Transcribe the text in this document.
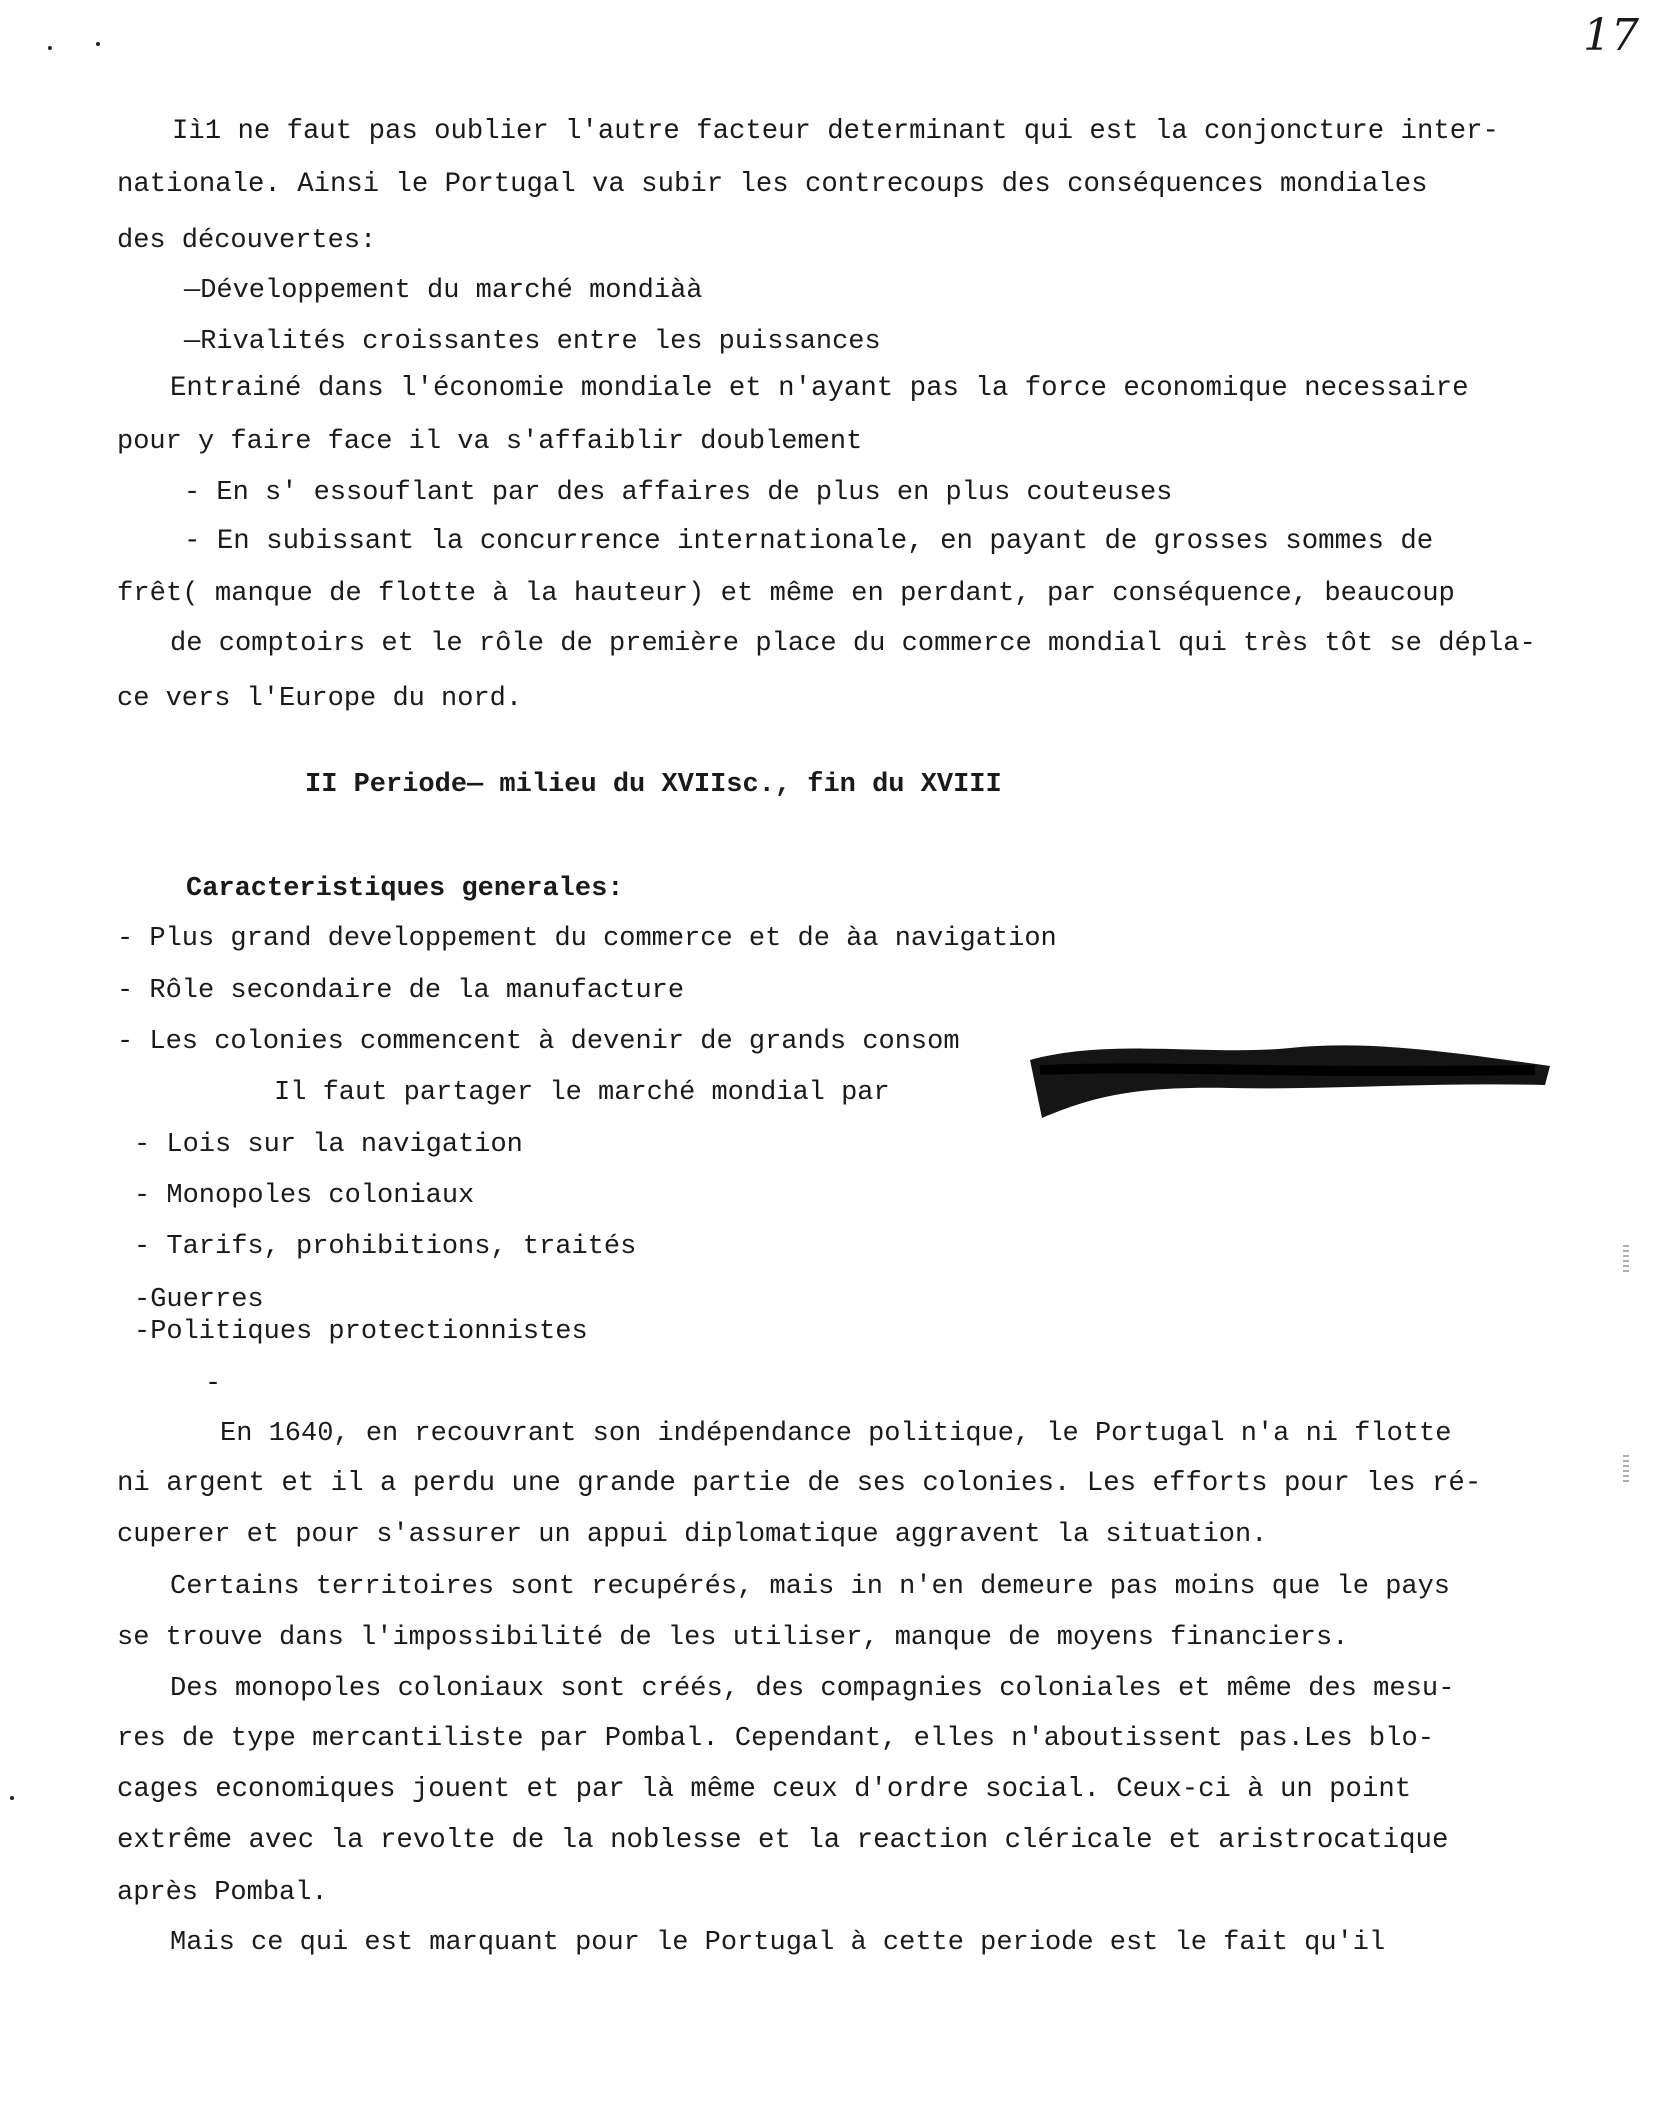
17
Iì1 ne faut pas oublier l'autre facteur determinant qui est la conjoncture inter-
nationale. Ainsi le Portugal va subir les contrecoups des conséquences mondiales
des découvertes:
—Développement du marché mondiàà
—Rivalités croissantes entre les puissances
Entrainé dans l'économie mondiale et n'ayant pas la force economique necessaire
pour y faire face il va s'affaiblir doublement
- En s' essouflant par des affaires de plus en plus couteuses
- En subissant la concurrence internationale, en payant de grosses sommes de
frêt( manque de flotte à la hauteur) et même en perdant, par conséquence, beaucoup
de comptoirs et le rôle de première place du commerce mondial qui très tôt se dépla-
ce vers l'Europe du nord.
II Periode— milieu du XVIIsc., fin du XVIII
Caracteristiques generales:
- Plus grand developpement du commerce et de àa navigation
- Rôle secondaire de la manufacture
- Les colonies commencent à devenir de grands consom
Il faut partager le marché mondial par
- Lois sur la navigation
- Monopoles coloniaux
- Tarifs, prohibitions, traités
-Guerres
-Politiques protectionnistes
-
En 1640, en recouvrant son indépendance politique, le Portugal n'a ni flotte
ni argent et il a perdu une grande partie de ses colonies. Les efforts pour les ré-
cuperer et pour s'assurer un appui diplomatique aggravent la situation.
Certains territoires sont recupérés, mais in n'en demeure pas moins que le pays
se trouve dans l'impossibilité de les utiliser, manque de moyens financiers.
Des monopoles coloniaux sont créés, des compagnies coloniales et même des mesu-
res de type mercantiliste par Pombal. Cependant, elles n'aboutissent pas.Les blo-
cages economiques jouent et par là même ceux d'ordre social. Ceux-ci à un point
extrême avec la revolte de la noblesse et la reaction cléricale et aristrocatique
après Pombal.
Mais ce qui est marquant pour le Portugal à cette periode est le fait qu'il
